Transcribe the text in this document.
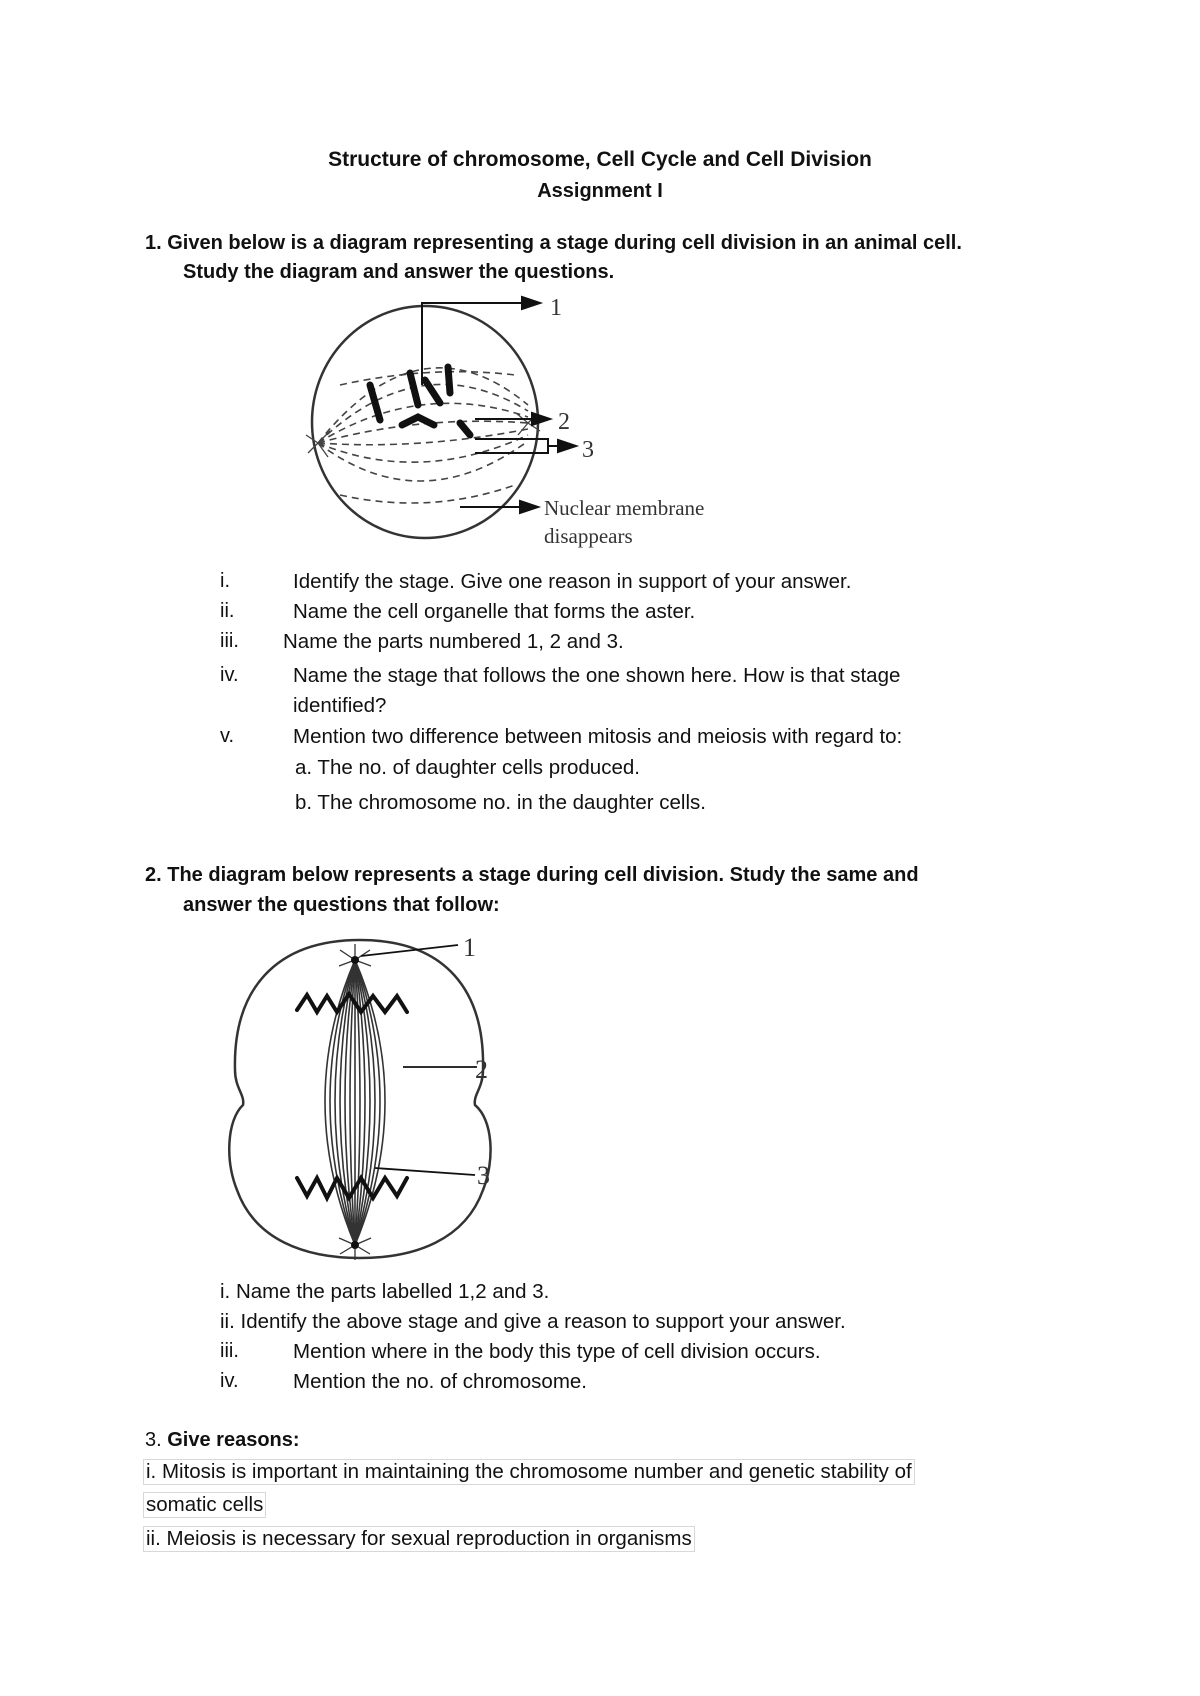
Structure of chromosome, Cell Cycle and Cell Division
Assignment I
1. Given below is a diagram representing a stage during cell division in an animal cell.
Study the diagram and answer the questions.
1
2
3
Nuclear membrane
disappears
i.	Identify the stage. Give one reason in support of your answer.
ii.	Name the cell organelle that forms the aster.
iii. Name the parts numbered 1, 2 and 3.
iv.	Name the stage that follows the one shown here. How is that stage
identified?
v.	Mention two difference between mitosis and meiosis with regard to:
a. The no. of daughter cells produced.
b. The chromosome no. in the daughter cells.
2. The diagram below represents a stage during cell division. Study the same and
answer the questions that follow:
1
2
3
i. Name the parts labelled 1,2 and 3.
ii. Identify the above stage and give a reason to support your answer.
iii.	Mention where in the body this type of cell division occurs.
iv.	Mention the no. of chromosome.
3. Give reasons:
i. Mitosis is important in maintaining the chromosome number and genetic stability of
somatic cells
ii. Meiosis is necessary for sexual reproduction in organisms
